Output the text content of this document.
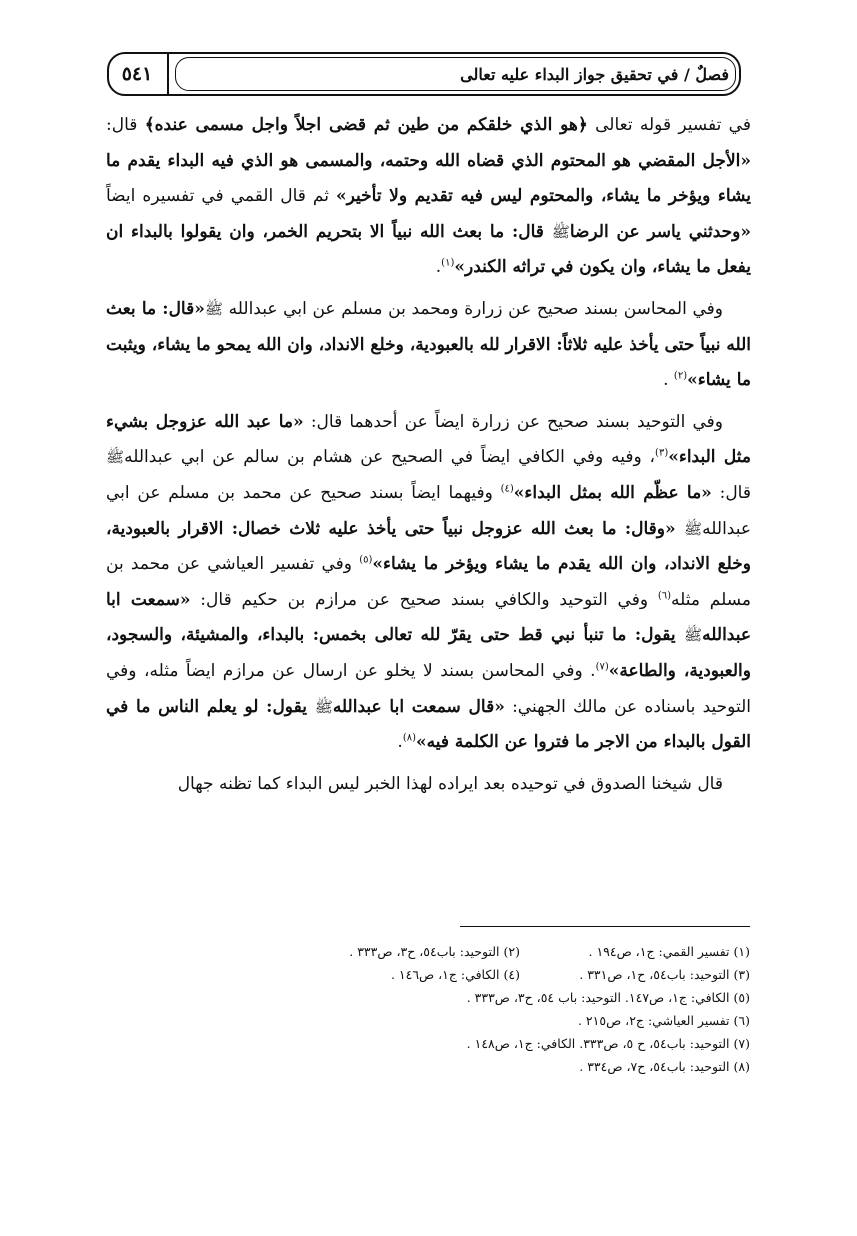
٥٤١	فصلٌ / في تحقيق جواز البداء عليه تعالى

في تفسير قوله تعالى ﴿هو الذي خلقكم من طين ثم قضى اجلاً واجل مسمى عنده﴾ قال: «الأجل المقضي هو المحتوم الذي قضاه الله وحتمه، والمسمى هو الذي فيه البداء يقدم ما يشاء ويؤخر ما يشاء، والمحتوم ليس فيه تقديم ولا تأخير» ثم قال القمي في تفسيره ايضاً «وحدثني ياسر عن الرضاﷺ قال: ما بعث الله نبياً الا بتحريم الخمر، وان يقولوا بالبداء ان يفعل ما يشاء، وان يكون في تراثه الكندر»$^{(١)}$.

وفي المحاسن بسند صحيح عن زرارة ومحمد بن مسلم عن ابي عبدالله ﷺ«قال: ما بعث الله نبياً حتى يأخذ عليه ثلاثاً: الاقرار لله بالعبودية، وخلع الانداد، وان الله يمحو ما يشاء، ويثبت ما يشاء»$^{(٢)}$ .

وفي التوحيد بسند صحيح عن زرارة ايضاً عن أحدهما قال: «ما عبد الله عزوجل بشيء مثل البداء»$^{(٣)}$، وفيه وفي الكافي ايضاً في الصحيح عن هشام بن سالم عن ابي عبداللهﷺ قال: «ما عظّم الله بمثل البداء»$^{(٤)}$ وفيهما ايضاً بسند صحيح عن محمد بن مسلم عن ابي عبداللهﷺ «وقال: ما بعث الله عزوجل نبياً حتى يأخذ عليه ثلاث خصال: الاقرار بالعبودية، وخلع الانداد، وان الله يقدم ما يشاء ويؤخر ما يشاء»$^{(٥)}$ وفي تفسير العياشي عن محمد بن مسلم مثله$^{(٦)}$ وفي التوحيد والكافي بسند صحيح عن مرازم بن حكيم قال: «سمعت ابا عبداللهﷺ يقول: ما تنبأ نبي قط حتى يقرّ لله تعالى بخمس: بالبداء، والمشيئة، والسجود، والعبودية، والطاعة»$^{(٧)}$. وفي المحاسن بسند لا يخلو عن ارسال عن مرازم ايضاً مثله، وفي التوحيد باسناده عن مالك الجهني: «قال سمعت ابا عبداللهﷺ يقول: لو يعلم الناس ما في القول بالبداء من الاجر ما فتروا عن الكلمة فيه»$^{(٨)}$.

قال شيخنا الصدوق في توحيده بعد ايراده لهذا الخبر ليس البداء كما تظنه جهال

(١) تفسير القمي: ج١، ص١٩٤ .
(٢) التوحيد: باب٥٤، ح٣، ص٣٣٣ .
(٣) التوحيد: باب٥٤، ح١، ص٣٣١ .
(٤) الكافي: ج١، ص١٤٦ .
(٥) الكافي: ج١، ص١٤٧. التوحيد: باب ٥٤، ح٣، ص٣٣٣ .
(٦) تفسير العياشي: ج٢، ص٢١٥ .
(٧) التوحيد: باب٥٤، ح ٥، ص٣٣٣. الكافي: ج١، ص١٤٨ .
(٨) التوحيد: باب٥٤، ح٧، ص٣٣٤ .
